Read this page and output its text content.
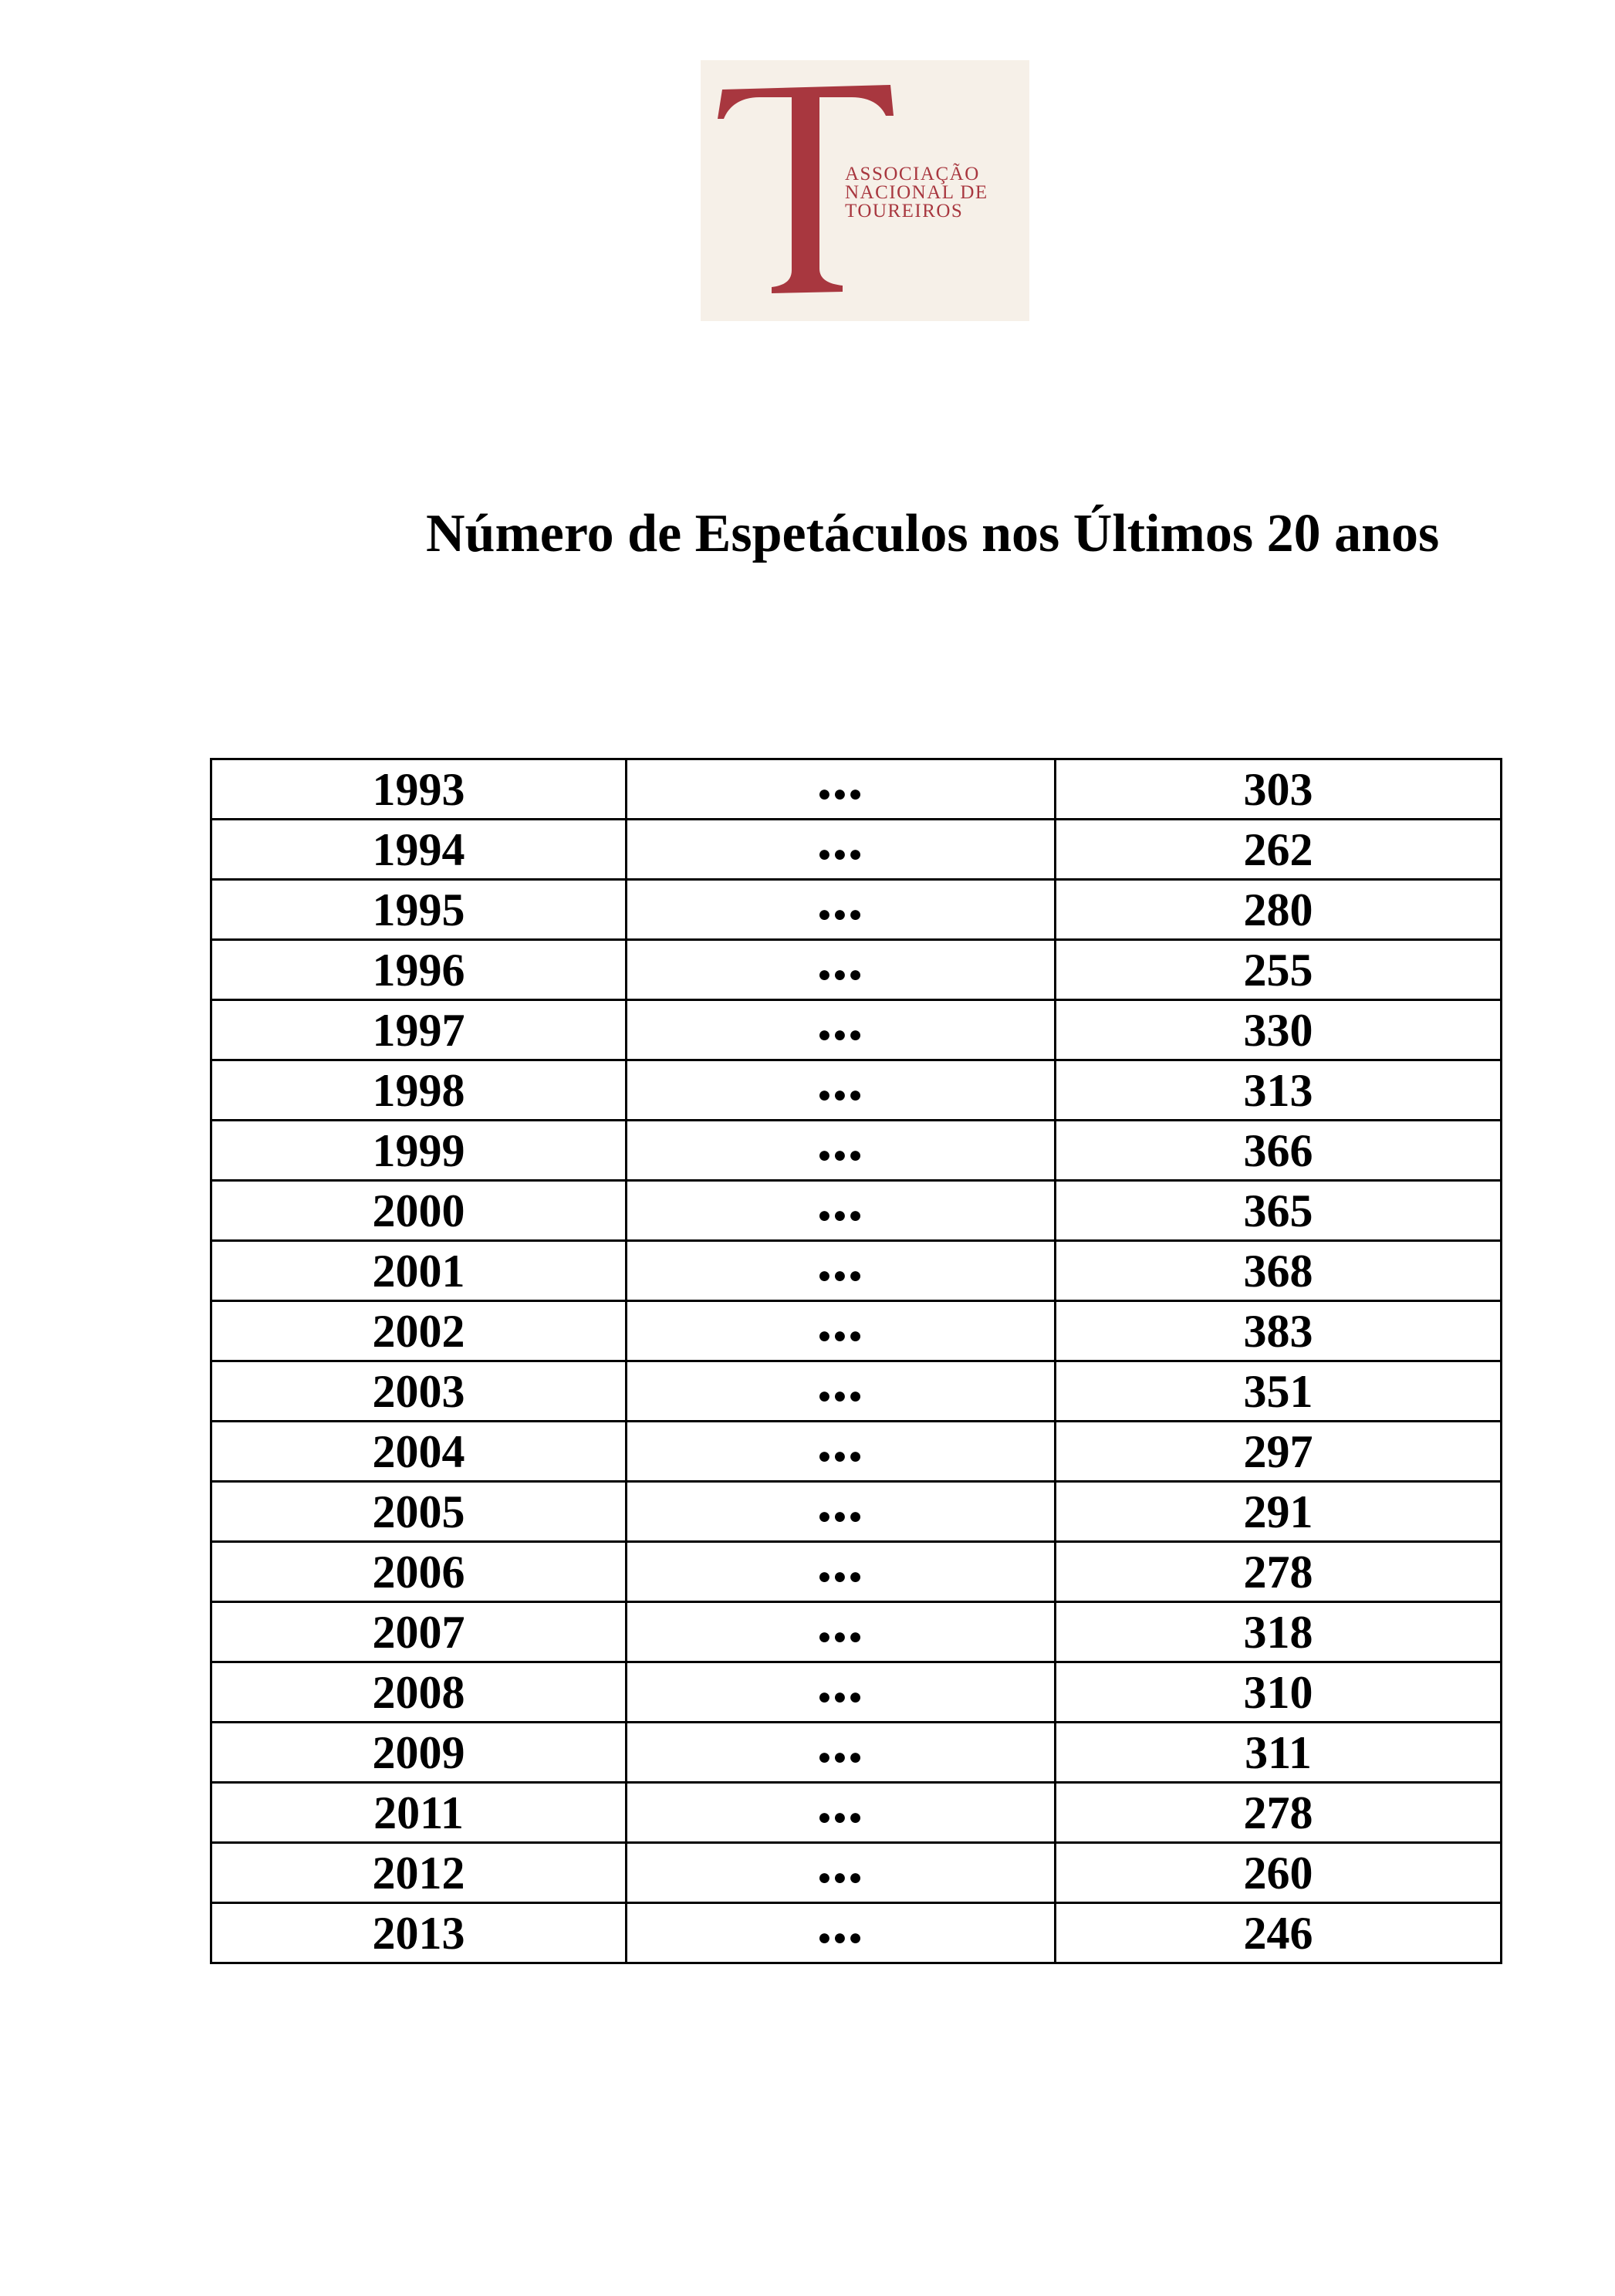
ASSOCIAÇÃO
NACIONAL DE
TOUREIROS
Número de Espetáculos nos Últimos 20 anos
1993	●●●	303
1994	●●●	262
1995	●●●	280
1996	●●●	255
1997	●●●	330
1998	●●●	313
1999	●●●	366
2000	●●●	365
2001	●●●	368
2002	●●●	383
2003	●●●	351
2004	●●●	297
2005	●●●	291
2006	●●●	278
2007	●●●	318
2008	●●●	310
2009	●●●	311
2011	●●●	278
2012	●●●	260
2013	●●●	246
